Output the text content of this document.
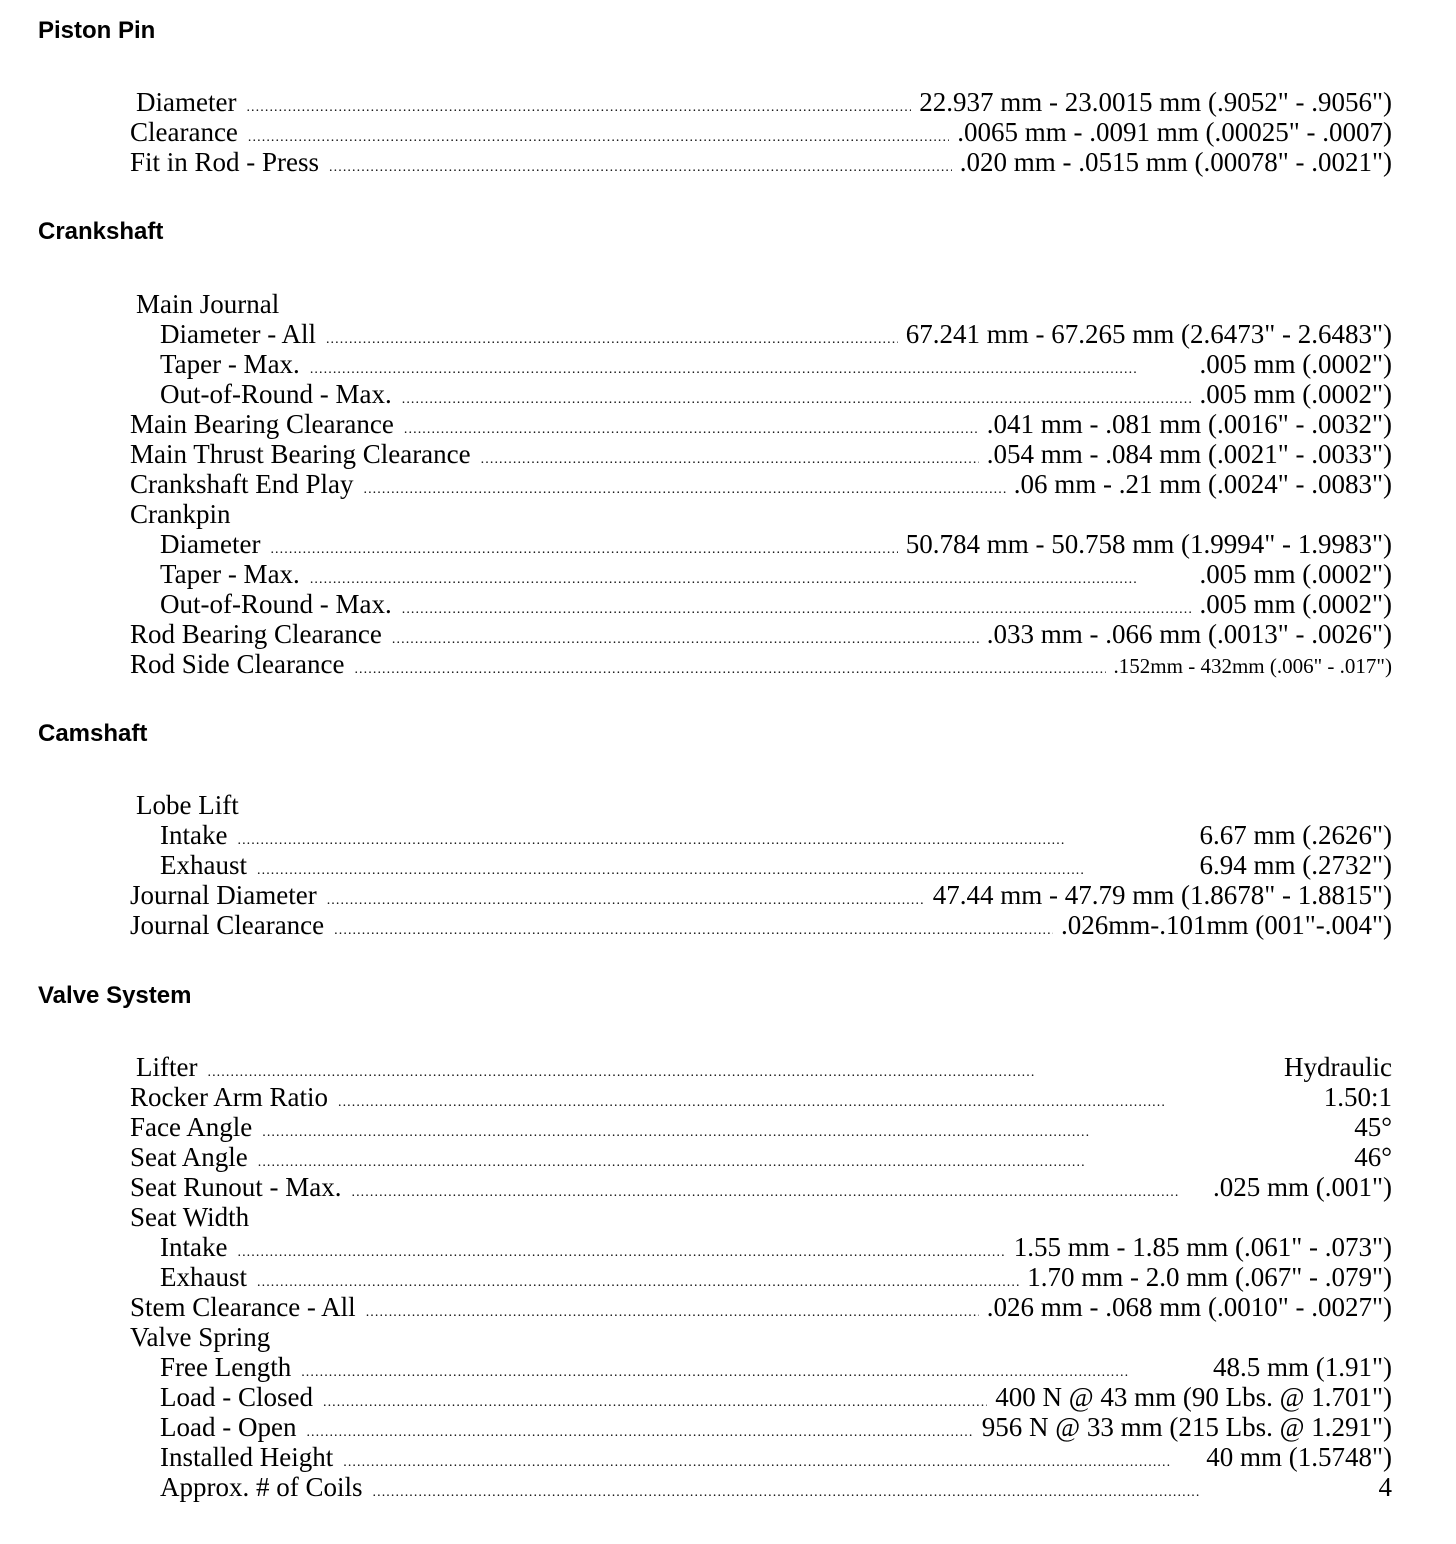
Piston Pin
Diameter . . .	22.937 mm - 23.0015 mm (.9052" - .9056")
Clearance . . .	.0065 mm - .0091 mm (.00025" - .0007)
Fit in Rod - Press . . .	.020 mm - .0515 mm (.00078" - .0021")
Crankshaft
Main Journal
Diameter - All . . .	67.241 mm - 67.265 mm (2.6473" - 2.6483")
Taper - Max. . . .	.005 mm (.0002")
Out-of-Round - Max. . . .	.005 mm (.0002")
Main Bearing Clearance . . .	.041 mm - .081 mm (.0016" - .0032")
Main Thrust Bearing Clearance . . .	.054 mm - .084 mm (.0021" - .0033")
Crankshaft End Play . . .	.06 mm - .21 mm (.0024" - .0083")
Crankpin
Diameter . . .	50.784 mm - 50.758 mm (1.9994" - 1.9983")
Taper - Max. . . .	.005 mm (.0002")
Out-of-Round - Max. . . .	.005 mm (.0002")
Rod Bearing Clearance . . .	.033 mm - .066 mm (.0013" - .0026")
Rod Side Clearance . . .	.152mm - 432mm (.006" - .017")
Camshaft
Lobe Lift
Intake . . .	6.67 mm (.2626")
Exhaust . . .	6.94 mm (.2732")
Journal Diameter . . .	47.44 mm - 47.79 mm (1.8678" - 1.8815")
Journal Clearance . . .	.026mm-.101mm (001"-.004")
Valve System
Lifter . . .	Hydraulic
Rocker Arm Ratio . . .	1.50:1
Face Angle . . .	45°
Seat Angle . . .	46°
Seat Runout - Max. . . .	.025 mm (.001")
Seat Width
Intake . . .	1.55 mm - 1.85 mm (.061" - .073")
Exhaust . . .	1.70 mm - 2.0 mm (.067" - .079")
Stem Clearance - All . . .	.026 mm - .068 mm (.0010" - .0027")
Valve Spring
Free Length . . .	48.5 mm (1.91")
Load - Closed . . .	400 N @ 43 mm (90 Lbs. @ 1.701")
Load - Open . . .	956 N @ 33 mm (215 Lbs. @ 1.291")
Installed Height . . .	40 mm (1.5748")
Approx. # of Coils . . .	4
